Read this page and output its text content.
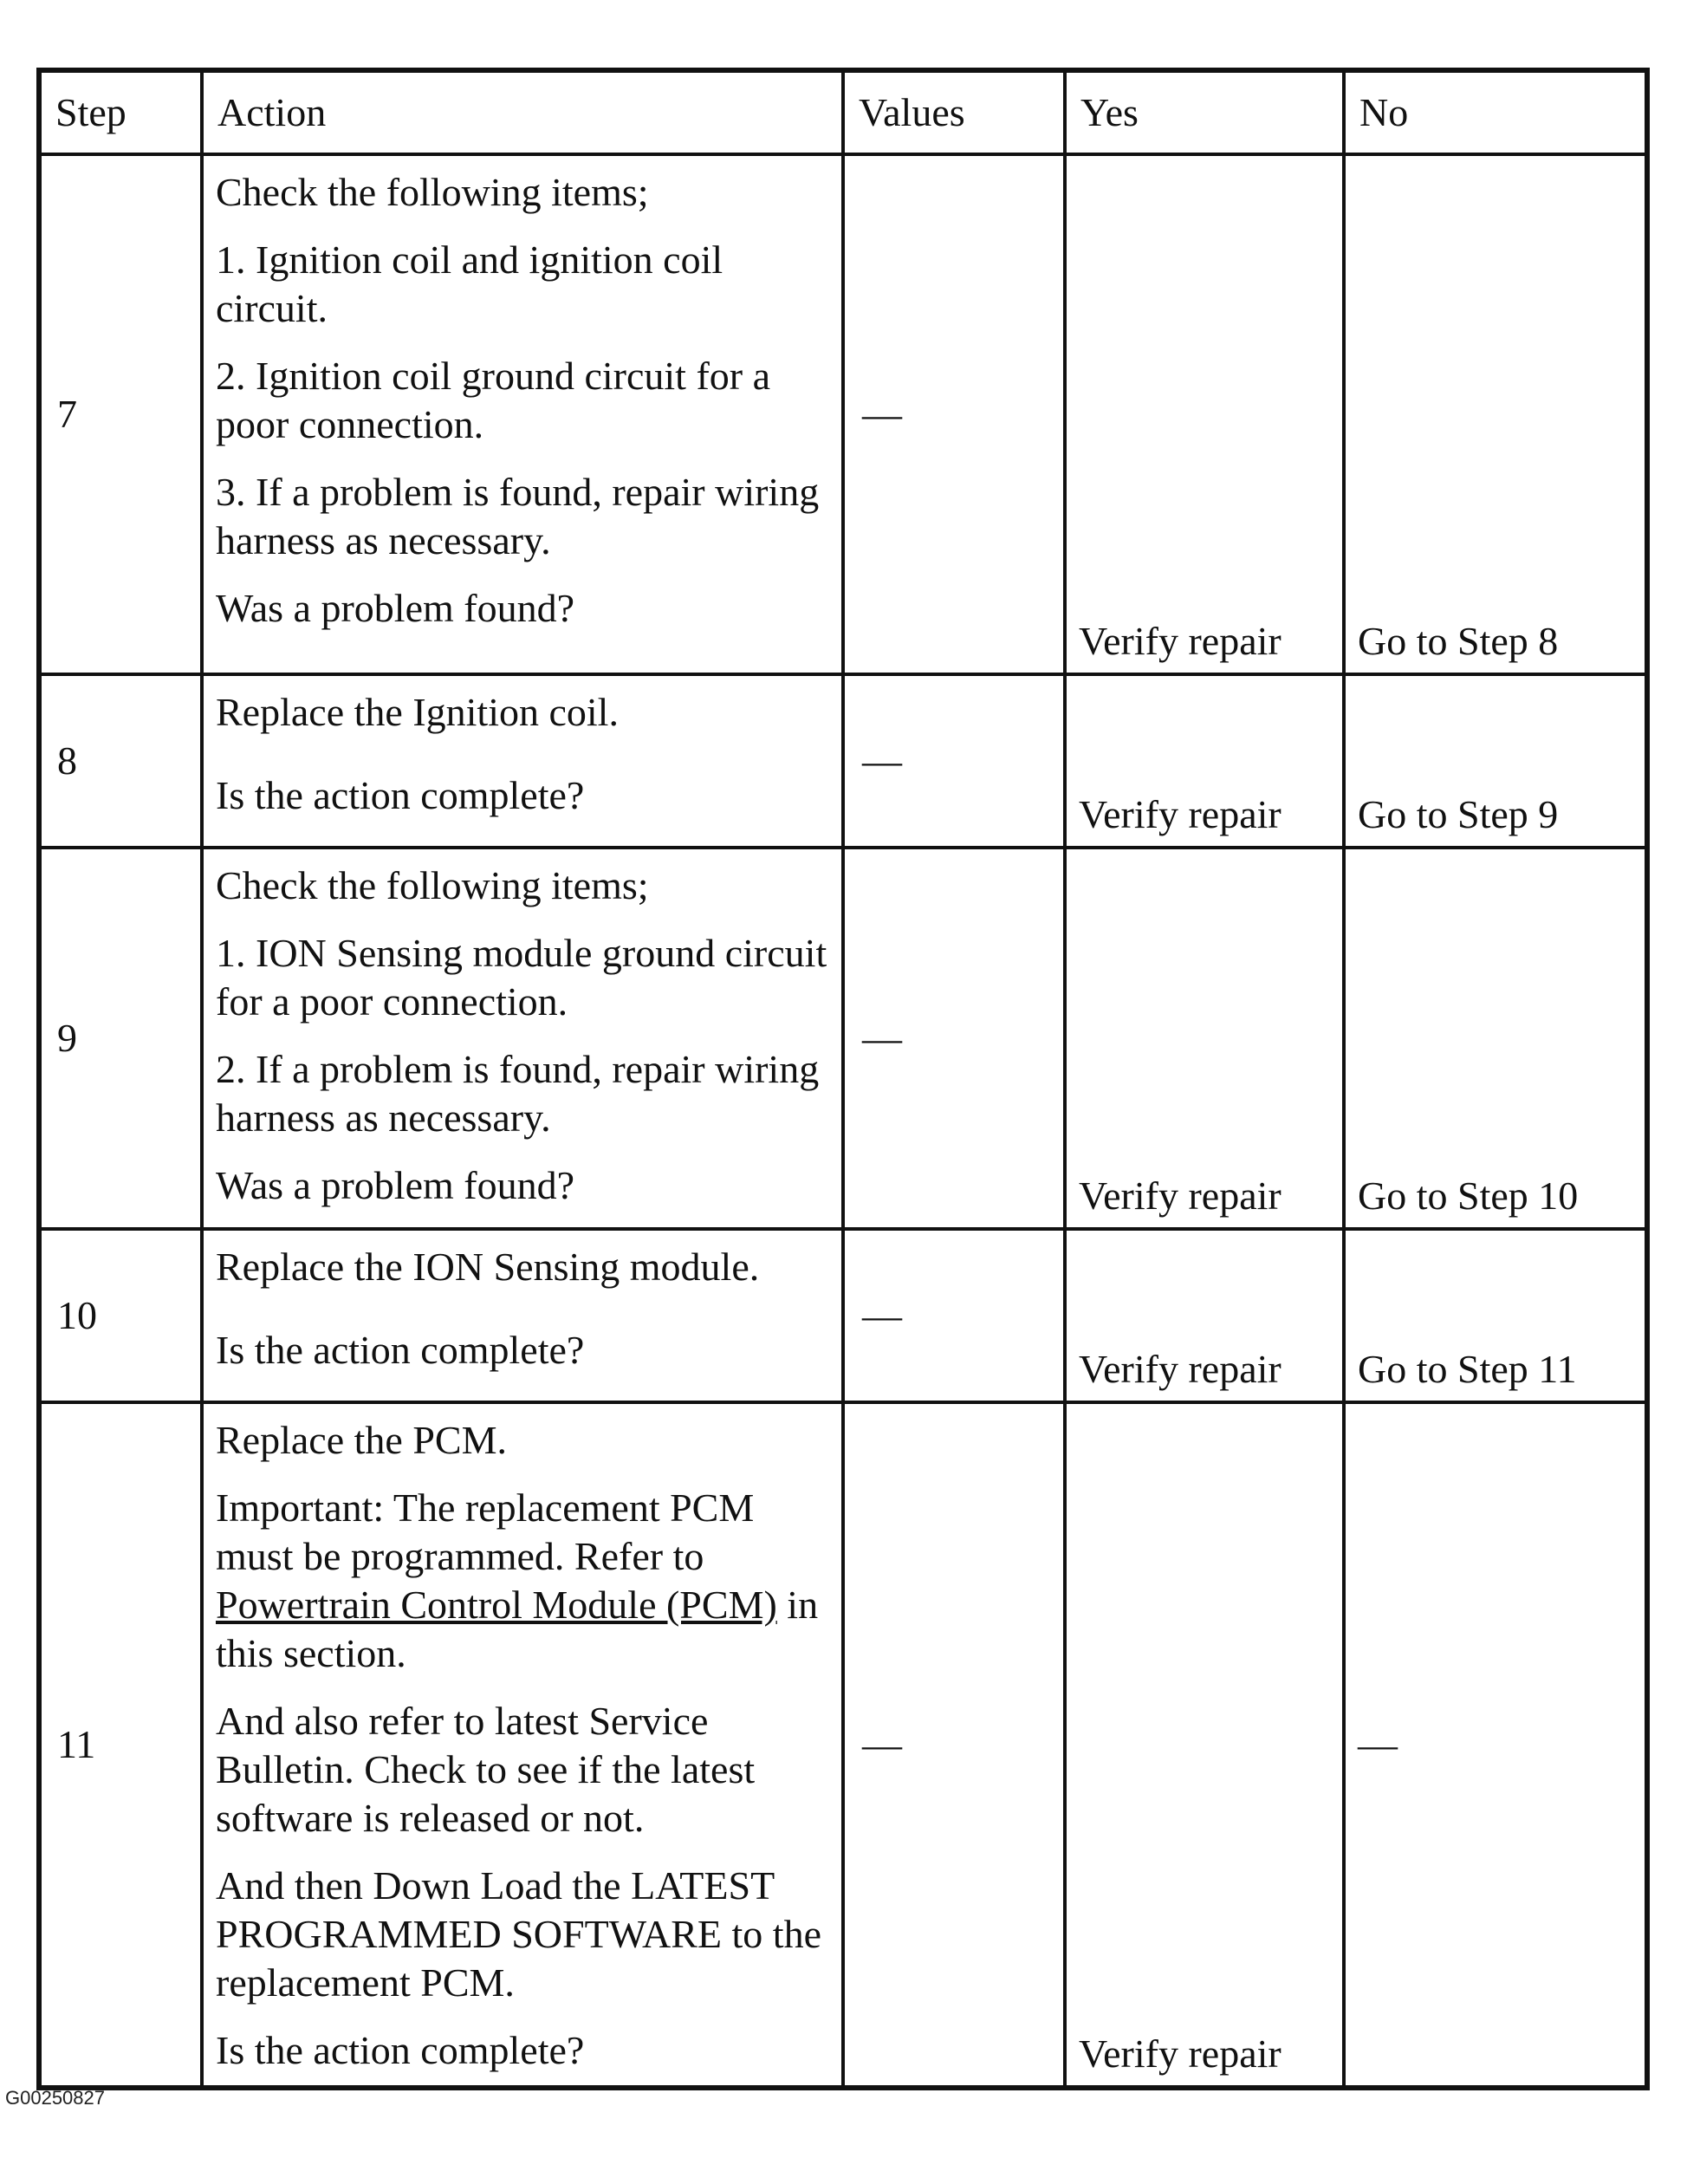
Step	Action	Values	Yes	No
7	Check the following items;
1. Ignition coil and ignition coil circuit.
2. Ignition coil ground circuit for a poor connection.
3. If a problem is found, repair wiring harness as necessary.
Was a problem found?	—	Verify repair	Go to Step 8
8	Replace the Ignition coil.
Is the action complete?	—	Verify repair	Go to Step 9
9	Check the following items;
1. ION Sensing module ground circuit for a poor connection.
2. If a problem is found, repair wiring harness as necessary.
Was a problem found?	—	Verify repair	Go to Step 10
10	Replace the ION Sensing module.
Is the action complete?	—	Verify repair	Go to Step 11
11	Replace the PCM.
Important: The replacement PCM must be programmed. Refer to Powertrain Control Module (PCM) in this section.
And also refer to latest Service Bulletin. Check to see if the latest software is released or not.
And then Down Load the LATEST PROGRAMMED SOFTWARE to the replacement PCM.
Is the action complete?	—	Verify repair	—
G00250827
